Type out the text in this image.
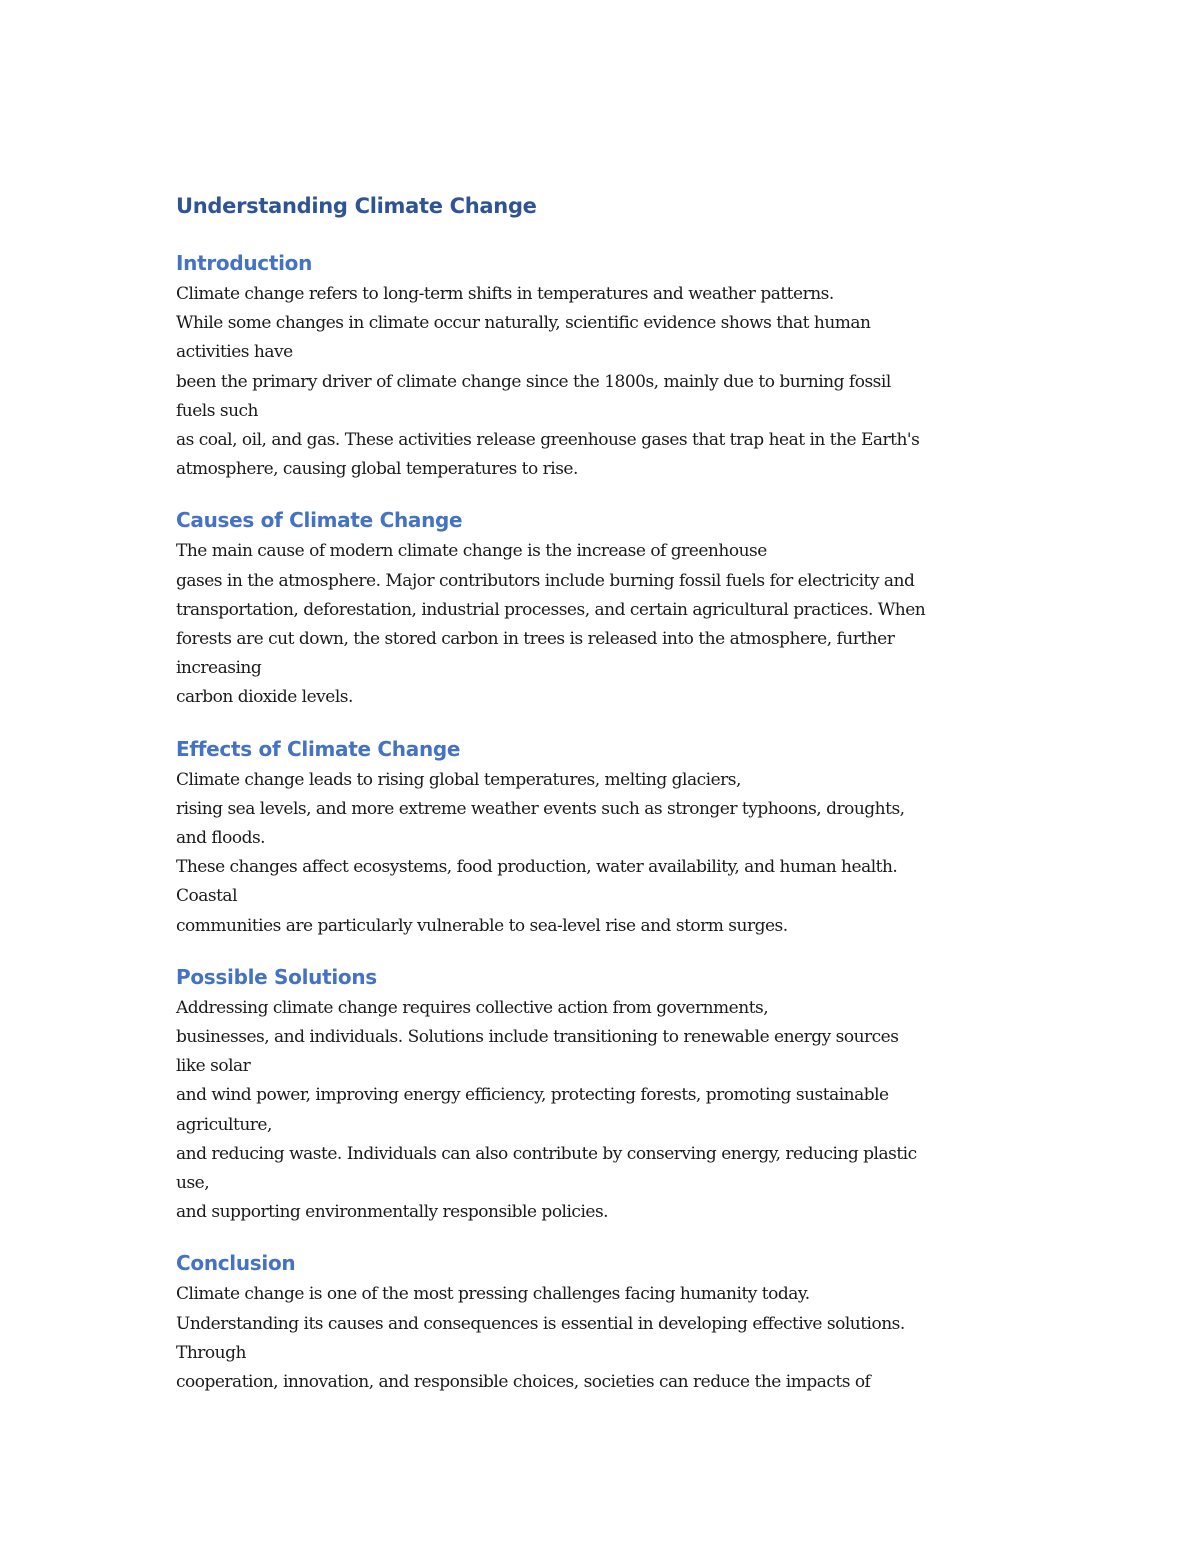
Understanding Climate Change
Introduction

Climate change refers to long-term shifts in temperatures and weather patterns.

While some changes in climate occur naturally, scientific evidence shows that human

activities have

been the primary driver of climate change since the 1800s, mainly due to burning fossil

fuels such

as coal, oil, and gas. These activities release greenhouse gases that trap heat in the Earth's

atmosphere, causing global temperatures to rise.

Causes of Climate Change

The main cause of modern climate change is the increase of greenhouse

gases in the atmosphere. Major contributors include burning fossil fuels for electricity and

transportation, deforestation, industrial processes, and certain agricultural practices. When

forests are cut down, the stored carbon in trees is released into the atmosphere, further

increasing

carbon dioxide levels.

Effects of Climate Change

Climate change leads to rising global temperatures, melting glaciers,

rising sea levels, and more extreme weather events such as stronger typhoons, droughts,

and floods.

These changes affect ecosystems, food production, water availability, and human health.

Coastal

communities are particularly vulnerable to sea-level rise and storm surges.

Possible Solutions

Addressing climate change requires collective action from governments,

businesses, and individuals. Solutions include transitioning to renewable energy sources

like solar

and wind power, improving energy efficiency, protecting forests, promoting sustainable

agriculture,

and reducing waste. Individuals can also contribute by conserving energy, reducing plastic

use,

and supporting environmentally responsible policies.

Conclusion

Climate change is one of the most pressing challenges facing humanity today.

Understanding its causes and consequences is essential in developing effective solutions.

Through

cooperation, innovation, and responsible choices, societies can reduce the impacts of
